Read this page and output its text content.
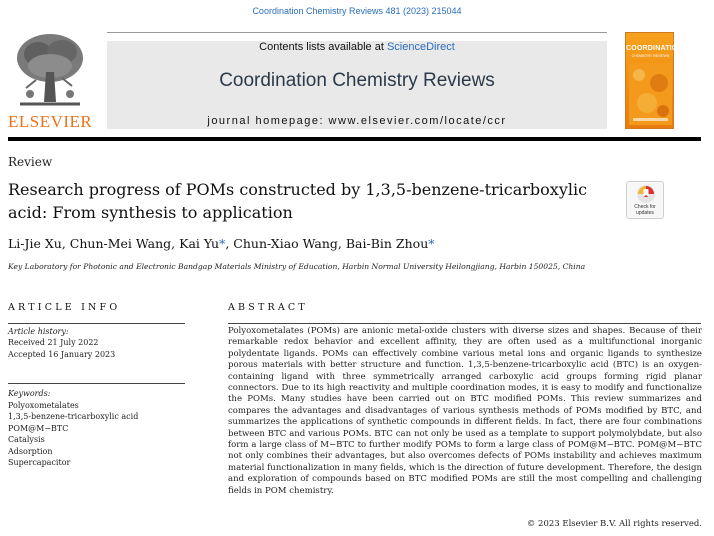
Coordination Chemistry Reviews 481 (2023) 215044
ELSEVIER
Contents lists available at ScienceDirect
Coordination Chemistry Reviews
journal homepage: www.elsevier.com/locate/ccr
COORDINATION
CHEMISTRY REVIEWS
Review
Research progress of POMs constructed by 1,3,5-benzene-tricarboxylic acid: From synthesis to application	Check for
updates
Li-Jie Xu, Chun-Mei Wang, Kai Yu*, Chun-Xiao Wang, Bai-Bin Zhou*
Key Laboratory for Photonic and Electronic Bandgap Materials Ministry of Education, Harbin Normal University Heilongjiang, Harbin 150025, China
ARTICLE INFO
Article history:
Received 21 July 2022
Accepted 16 January 2023
Keywords:
Polyoxometalates
1,3,5-benzene-tricarboxylic acid
POM@M−BTC
Catalysis
Adsorption
Supercapacitor
ABSTRACT
Polyoxometalates (POMs) are anionic metal-oxide clusters with diverse sizes and shapes. Because of their remarkable redox behavior and excellent affinity, they are often used as a multifunctional inorganic polydentate ligands. POMs can effectively combine various metal ions and organic ligands to synthesize porous materials with better structure and function. 1,3,5-benzene-tricarboxylic acid (BTC) is an oxygen-containing ligand with three symmetrically arranged carboxylic acid groups forming rigid planar connectors. Due to its high reactivity and multiple coordination modes, it is easy to modify and functionalize the POMs. Many studies have been carried out on BTC modified POMs. This review summarizes and compares the advantages and disadvantages of various synthesis methods of POMs modified by BTC, and summarizes the applications of synthetic compounds in different fields. In fact, there are four combinations between BTC and various POMs. BTC can not only be used as a template to support polymolybdate, but also form a large class of M−BTC to further modify POMs to form a large class of POM@M−BTC. POM@M−BTC not only combines their advantages, but also overcomes defects of POMs instability and achieves maximum material functionalization in many fields, which is the direction of future development. Therefore, the design and exploration of compounds based on BTC modified POMs are still the most compelling and challenging fields in POM chemistry.
© 2023 Elsevier B.V. All rights reserved.
